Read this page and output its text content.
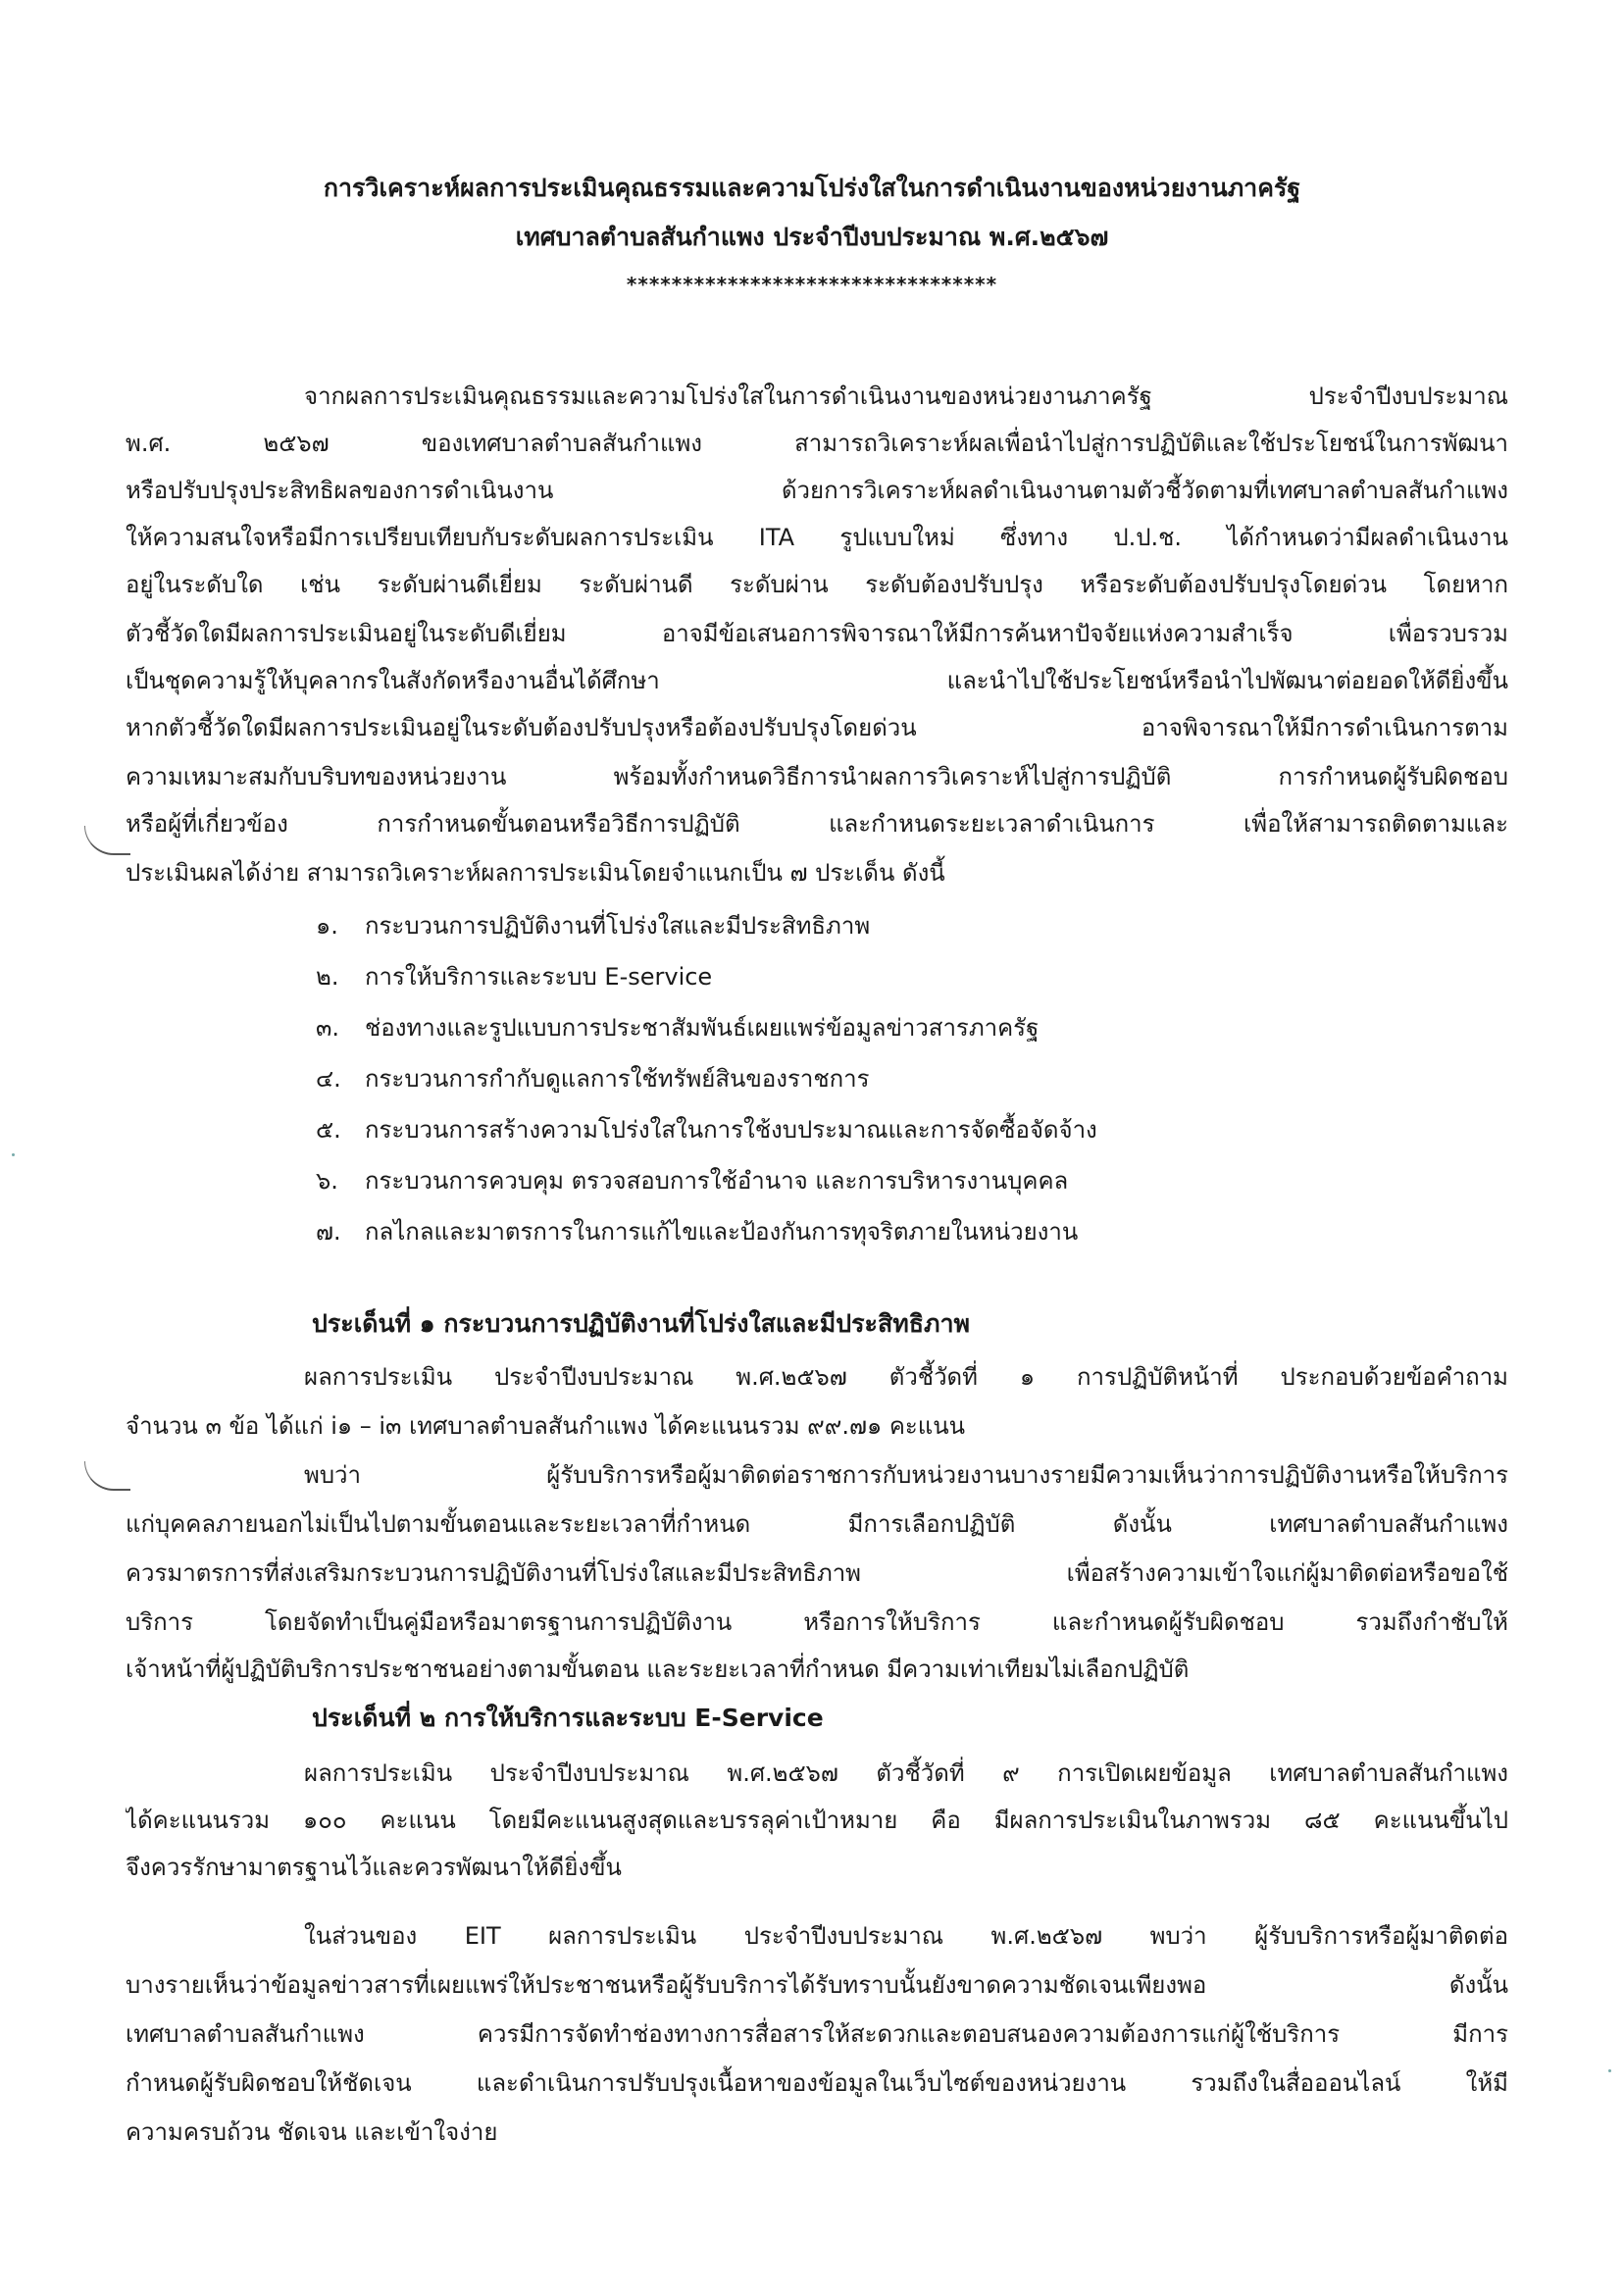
การวิเคราะห์ผลการประเมินคุณธรรมและความโปร่งใสในการดำเนินงานของหน่วยงานภาครัฐ
เทศบาลตำบลสันกำแพง ประจำปีงบประมาณ พ.ศ.๒๕๖๗
*********************************
จากผลการประเมินคุณธรรมและความโปร่งใสในการดำเนินงานของหน่วยงานภาครัฐ ประจำปีงบประมาณ
พ.ศ. ๒๕๖๗ ของเทศบาลตำบลสันกำแพง สามารถวิเคราะห์ผลเพื่อนำไปสู่การปฏิบัติและใช้ประโยชน์ในการพัฒนา
หรือปรับปรุงประสิทธิผลของการดำเนินงาน ด้วยการวิเคราะห์ผลดำเนินงานตามตัวชี้วัดตามที่เทศบาลตำบลสันกำแพง
ให้ความสนใจหรือมีการเปรียบเทียบกับระดับผลการประเมิน ITA รูปแบบใหม่ ซึ่งทาง ป.ป.ช. ได้กำหนดว่ามีผลดำเนินงาน
อยู่ในระดับใด เช่น ระดับผ่านดีเยี่ยม ระดับผ่านดี ระดับผ่าน ระดับต้องปรับปรุง หรือระดับต้องปรับปรุงโดยด่วน โดยหาก
ตัวชี้วัดใดมีผลการประเมินอยู่ในระดับดีเยี่ยม อาจมีข้อเสนอการพิจารณาให้มีการค้นหาปัจจัยแห่งความสำเร็จ เพื่อรวบรวม
เป็นชุดความรู้ให้บุคลากรในสังกัดหรืองานอื่นได้ศึกษา และนำไปใช้ประโยชน์หรือนำไปพัฒนาต่อยอดให้ดียิ่งขึ้น
หากตัวชี้วัดใดมีผลการประเมินอยู่ในระดับต้องปรับปรุงหรือต้องปรับปรุงโดยด่วน อาจพิจารณาให้มีการดำเนินการตาม
ความเหมาะสมกับบริบทของหน่วยงาน พร้อมทั้งกำหนดวิธีการนำผลการวิเคราะห์ไปสู่การปฏิบัติ การกำหนดผู้รับผิดชอบ
หรือผู้ที่เกี่ยวข้อง การกำหนดขั้นตอนหรือวิธีการปฏิบัติ และกำหนดระยะเวลาดำเนินการ เพื่อให้สามารถติดตามและ
ประเมินผลได้ง่าย สามารถวิเคราะห์ผลการประเมินโดยจำแนกเป็น ๗ ประเด็น ดังนี้
๑. กระบวนการปฏิบัติงานที่โปร่งใสและมีประสิทธิภาพ
๒. การให้บริการและระบบ E-service
๓. ช่องทางและรูปแบบการประชาสัมพันธ์เผยแพร่ข้อมูลข่าวสารภาครัฐ
๔. กระบวนการกำกับดูแลการใช้ทรัพย์สินของราชการ
๕. กระบวนการสร้างความโปร่งใสในการใช้งบประมาณและการจัดซื้อจัดจ้าง
๖. กระบวนการควบคุม ตรวจสอบการใช้อำนาจ และการบริหารงานบุคคล
๗. กลไกลและมาตรการในการแก้ไขและป้องกันการทุจริตภายในหน่วยงาน
ประเด็นที่ ๑ กระบวนการปฏิบัติงานที่โปร่งใสและมีประสิทธิภาพ
ผลการประเมิน ประจำปีงบประมาณ พ.ศ.๒๕๖๗ ตัวชี้วัดที่ ๑ การปฏิบัติหน้าที่ ประกอบด้วยข้อคำถาม
จำนวน ๓ ข้อ ได้แก่ i๑ – i๓ เทศบาลตำบลสันกำแพง ได้คะแนนรวม ๙๙.๗๑ คะแนน
พบว่า ผู้รับบริการหรือผู้มาติดต่อราชการกับหน่วยงานบางรายมีความเห็นว่าการปฏิบัติงานหรือให้บริการ
แก่บุคคลภายนอกไม่เป็นไปตามขั้นตอนและระยะเวลาที่กำหนด มีการเลือกปฏิบัติ ดังนั้น เทศบาลตำบลสันกำแพง
ควรมาตรการที่ส่งเสริมกระบวนการปฏิบัติงานที่โปร่งใสและมีประสิทธิภาพ เพื่อสร้างความเข้าใจแก่ผู้มาติดต่อหรือขอใช้
บริการ โดยจัดทำเป็นคู่มือหรือมาตรฐานการปฏิบัติงาน หรือการให้บริการ และกำหนดผู้รับผิดชอบ รวมถึงกำชับให้
เจ้าหน้าที่ผู้ปฏิบัติบริการประชาชนอย่างตามขั้นตอน และระยะเวลาที่กำหนด มีความเท่าเทียมไม่เลือกปฏิบัติ
ประเด็นที่ ๒ การให้บริการและระบบ E-Service
ผลการประเมิน ประจำปีงบประมาณ พ.ศ.๒๕๖๗ ตัวชี้วัดที่ ๙ การเปิดเผยข้อมูล เทศบาลตำบลสันกำแพง
ได้คะแนนรวม ๑๐๐ คะแนน โดยมีคะแนนสูงสุดและบรรลุค่าเป้าหมาย คือ มีผลการประเมินในภาพรวม ๘๕ คะแนนขึ้นไป
จึงควรรักษามาตรฐานไว้และควรพัฒนาให้ดียิ่งขึ้น
ในส่วนของ EIT ผลการประเมิน ประจำปีงบประมาณ พ.ศ.๒๕๖๗ พบว่า ผู้รับบริการหรือผู้มาติดต่อ
บางรายเห็นว่าข้อมูลข่าวสารที่เผยแพร่ให้ประชาชนหรือผู้รับบริการได้รับทราบนั้นยังขาดความชัดเจนเพียงพอ ดังนั้น
เทศบาลตำบลสันกำแพง ควรมีการจัดทำช่องทางการสื่อสารให้สะดวกและตอบสนองความต้องการแก่ผู้ใช้บริการ มีการ
กำหนดผู้รับผิดชอบให้ชัดเจน และดำเนินการปรับปรุงเนื้อหาของข้อมูลในเว็บไซต์ของหน่วยงาน รวมถึงในสื่อออนไลน์ ให้มี
ความครบถ้วน ชัดเจน และเข้าใจง่าย
